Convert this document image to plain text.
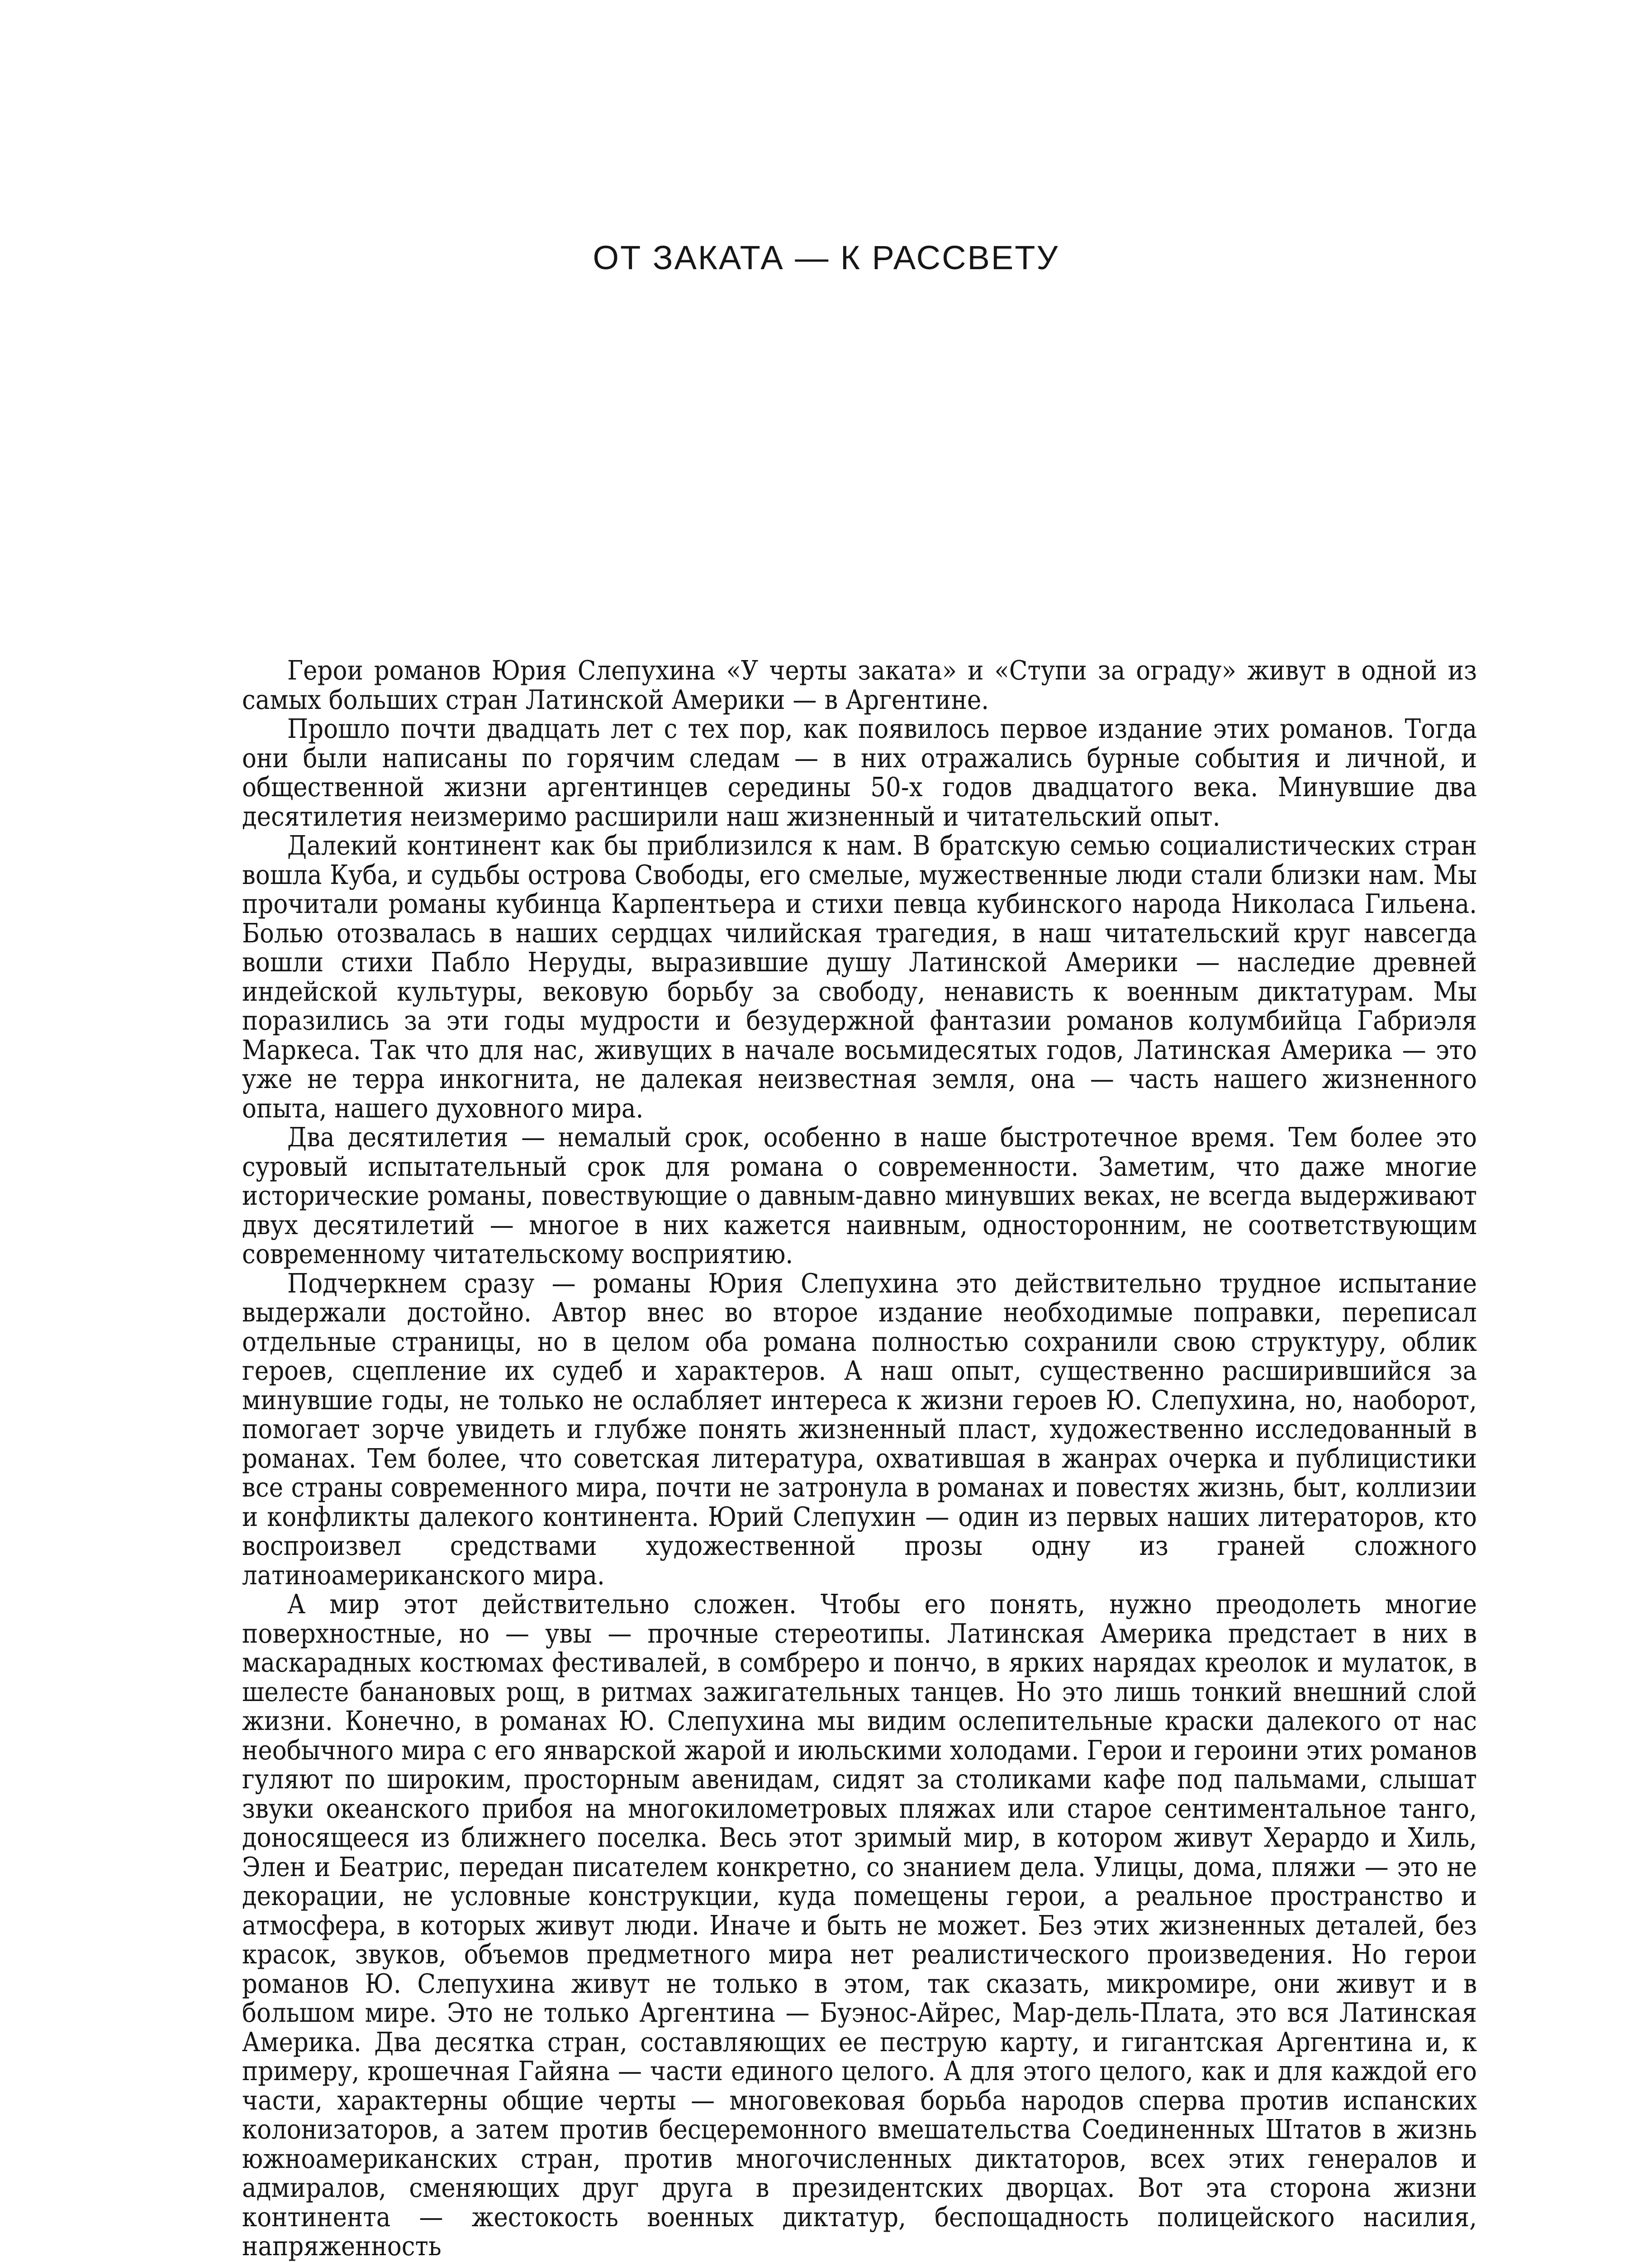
ОТ ЗАКАТА — К РАССВЕТУ

Герои романов Юрия Слепухина «У черты заката» и «Ступи за ограду» живут в одной из самых больших стран Латинской Америки — в Аргентине.

Прошло почти двадцать лет с тех пор, как появилось первое издание этих романов. Тогда они были написаны по горячим следам — в них отражались бурные события и личной, и общественной жизни аргентинцев середины 50-х годов двадцатого века. Минувшие два десятилетия неизмеримо расширили наш жизненный и читательский опыт.

Далекий континент как бы приблизился к нам. В братскую семью социалистических стран вошла Куба, и судьбы острова Свободы, его смелые, мужественные люди стали близки нам. Мы прочитали романы кубинца Карпентьера и стихи певца кубинского народа Николаса Гильена. Болью отозвалась в наших сердцах чилийская трагедия, в наш читательский круг навсегда вошли стихи Пабло Неруды, выразившие душу Латинской Америки — наследие древней индейской культуры, вековую борьбу за свободу, ненависть к военным диктатурам. Мы поразились за эти годы мудрости и безудержной фантазии романов колумбийца Габриэля Маркеса. Так что для нас, живущих в начале восьмидесятых годов, Латинская Америка — это уже не терра инкогнита, не далекая неизвестная земля, она — часть нашего жизненного опыта, нашего духовного мира.

Два десятилетия — немалый срок, особенно в наше быстротечное время. Тем более это суровый испытательный срок для романа о современности. Заметим, что даже многие исторические романы, повествующие о давным-давно минувших веках, не всегда выдерживают двух десятилетий — многое в них кажется наивным, односторонним, не соответствующим современному читательскому восприятию.

Подчеркнем сразу — романы Юрия Слепухина это действительно трудное испытание выдержали достойно. Автор внес во второе издание необходимые поправки, переписал отдельные страницы, но в целом оба романа полностью сохранили свою структуру, облик героев, сцепление их судеб и характеров. А наш опыт, существенно расширившийся за минувшие годы, не только не ослабляет интереса к жизни героев Ю. Слепухина, но, наоборот, помогает зорче увидеть и глубже понять жизненный пласт, художественно исследованный в романах. Тем более, что советская литература, охватившая в жанрах очерка и публицистики все страны современного мира, почти не затронула в романах и повестях жизнь, быт, коллизии и конфликты далекого континента. Юрий Слепухин — один из первых наших литераторов, кто воспроизвел средствами художественной прозы одну из граней сложного латиноамериканского мира.

А мир этот действительно сложен. Чтобы его понять, нужно преодолеть многие поверхностные, но — увы — прочные стереотипы. Латинская Америка предстает в них в маскарадных костюмах фестивалей, в сомбреро и пончо, в ярких нарядах креолок и мулаток, в шелесте банановых рощ, в ритмах зажигательных танцев. Но это лишь тонкий внешний слой жизни. Конечно, в романах Ю. Слепухина мы видим ослепительные краски далекого от нас необычного мира с его январской жарой и июльскими холодами. Герои и героини этих романов гуляют по широким, просторным авенидам, сидят за столиками кафе под пальмами, слышат звуки океанского прибоя на многокилометровых пляжах или старое сентиментальное танго, доносящееся из ближнего поселка. Весь этот зримый мир, в котором живут Херардо и Хиль, Элен и Беатрис, передан писателем конкретно, со знанием дела. Улицы, дома, пляжи — это не декорации, не условные конструкции, куда помещены герои, а реальное пространство и атмосфера, в которых живут люди. Иначе и быть не может. Без этих жизненных деталей, без красок, звуков, объемов предметного мира нет реалистического произведения. Но герои романов Ю. Слепухина живут не только в этом, так сказать, микромире, они живут и в большом мире. Это не только Аргентина — Буэнос-Айрес, Мар-дель-Плата, это вся Латинская Америка. Два десятка стран, составляющих ее пеструю карту, и гигантская Аргентина и, к примеру, крошечная Гайяна — части единого целого. А для этого целого, как и для каждой его части, характерны общие черты — многовековая борьба народов сперва против испанских колонизаторов, а затем против бесцеремонного вмешательства Соединенных Штатов в жизнь южноамериканских стран, против многочисленных диктаторов, всех этих генералов и адмиралов, сменяющих друг друга в президентских дворцах. Вот эта сторона жизни континента — жестокость военных диктатур, беспощадность полицейского насилия, напряженность
